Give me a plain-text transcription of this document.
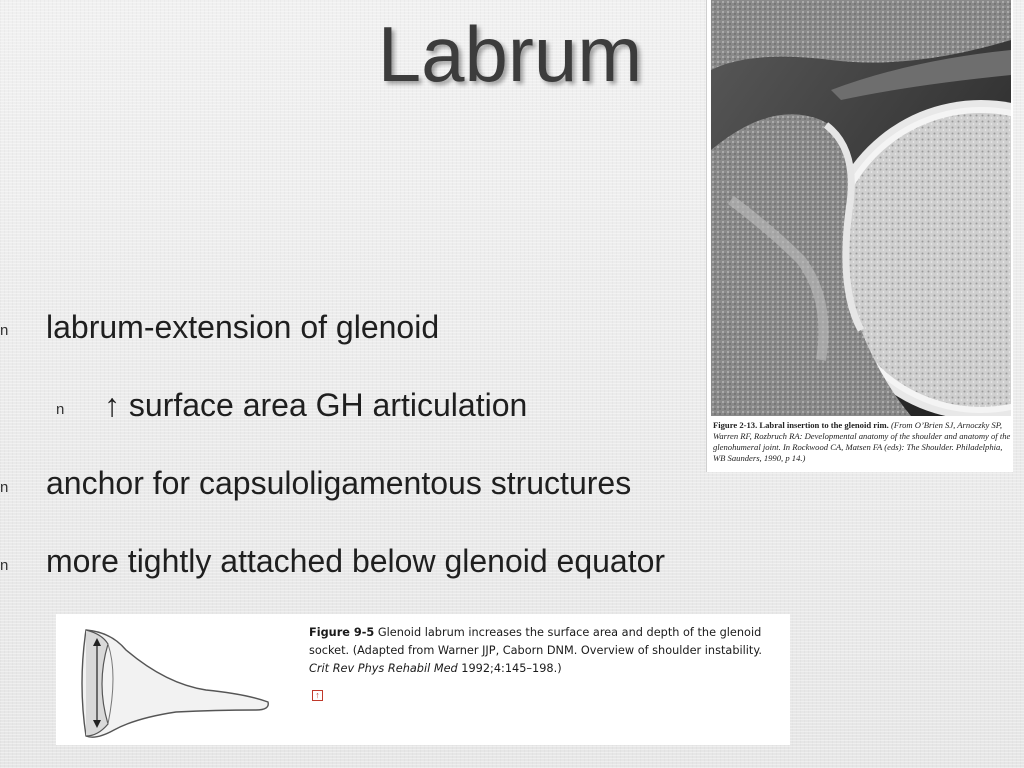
Labrum
Figure 2-13. Labral insertion to the glenoid rim. (From O’Brien SJ, Arnoczky SP, Warren RF, Rozbruch RA: Developmental anatomy of the shoulder and anatomy of the glenohumeral joint. In Rockwood CA, Matsen FA (eds): The Shoulder. Philadelphia, WB Saunders, 1990, p 14.)
n labrum-extension of glenoid
n ↑ surface area GH articulation
n anchor for capsuloligamentous structures
n more tightly attached below glenoid equator
Figure 9-5 Glenoid labrum increases the surface area and depth of the glenoid socket. (Adapted from Warner JJP, Caborn DNM. Overview of shoulder instability. Crit Rev Phys Rehabil Med 1992;4:145–198.)
↑
